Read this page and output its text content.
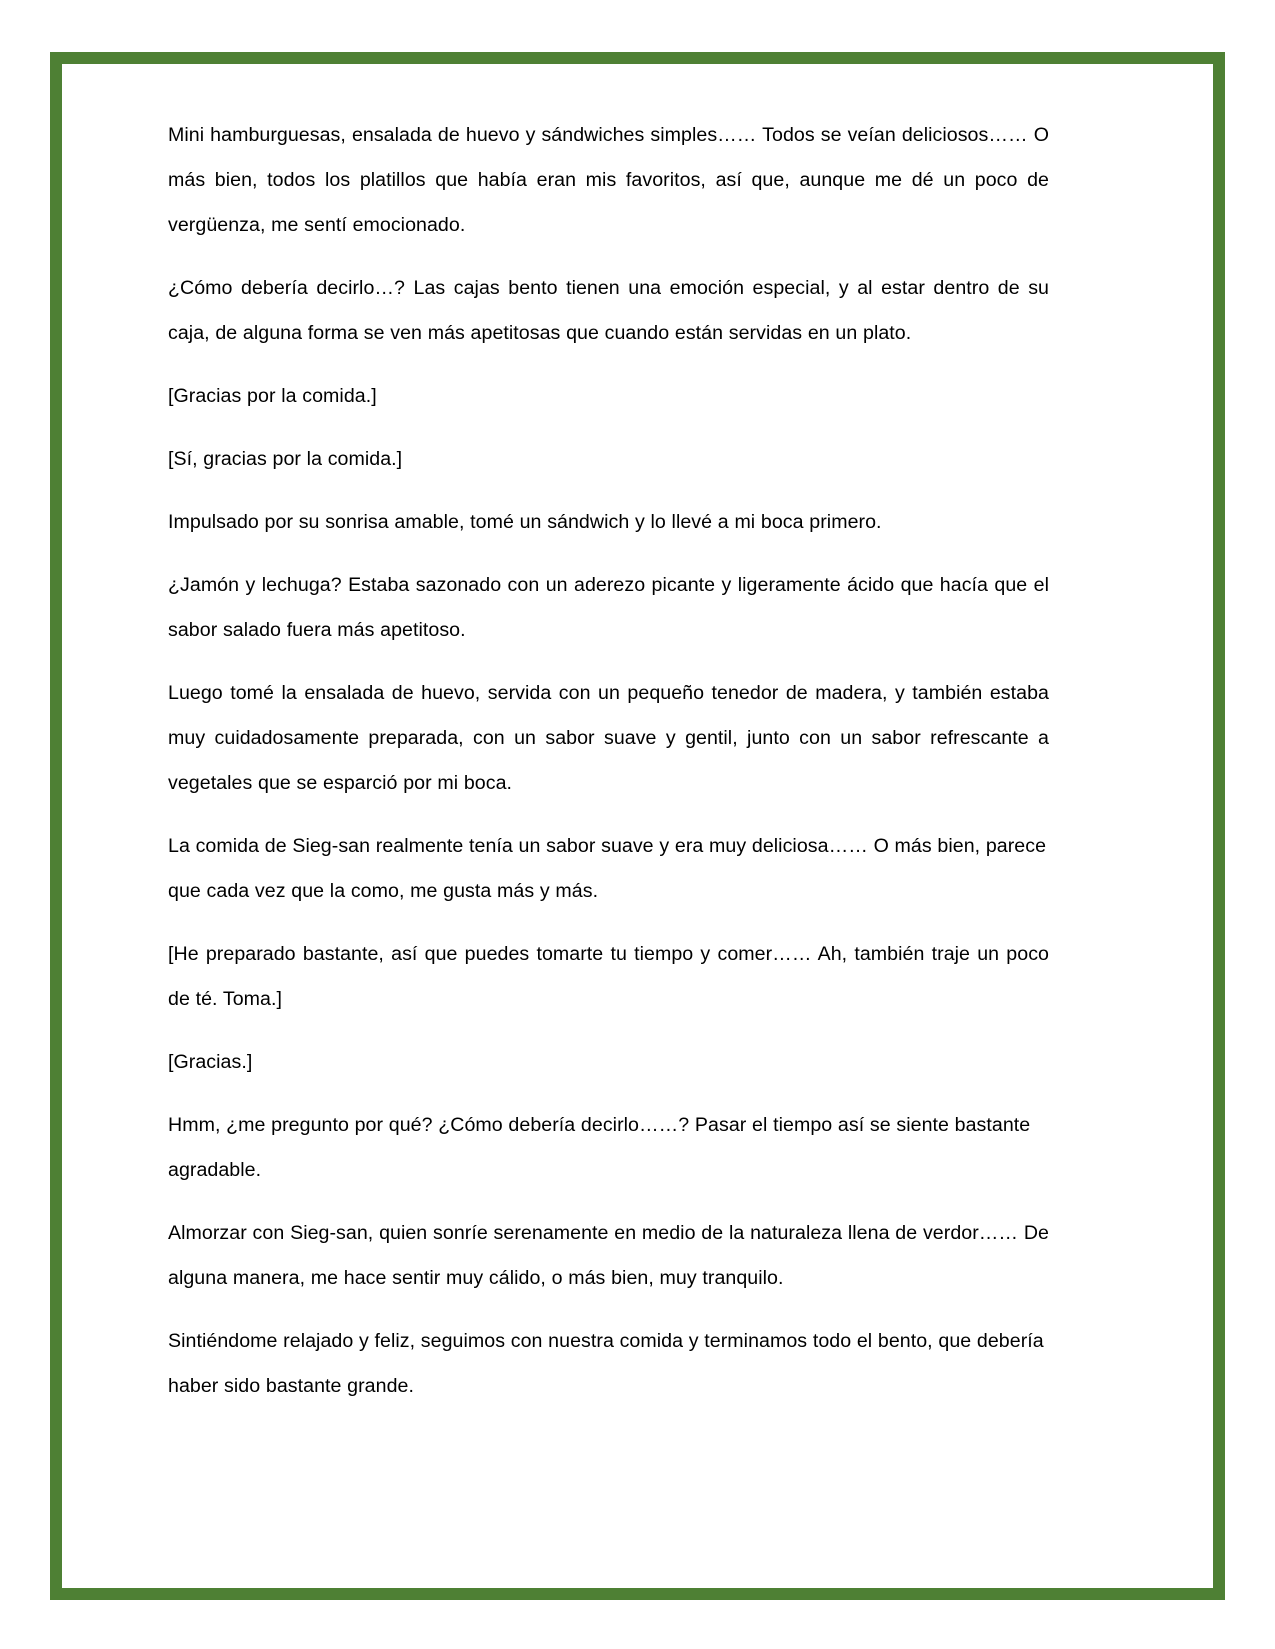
Mini hamburguesas, ensalada de huevo y sándwiches simples…… Todos se veían deliciosos…… O más bien, todos los platillos que había eran mis favoritos, así que, aunque me dé un poco de vergüenza, me sentí emocionado.

¿Cómo debería decirlo…? Las cajas bento tienen una emoción especial, y al estar dentro de su caja, de alguna forma se ven más apetitosas que cuando están servidas en un plato.

[Gracias por la comida.]

[Sí, gracias por la comida.]

Impulsado por su sonrisa amable, tomé un sándwich y lo llevé a mi boca primero.

¿Jamón y lechuga? Estaba sazonado con un aderezo picante y ligeramente ácido que hacía que el sabor salado fuera más apetitoso.

Luego tomé la ensalada de huevo, servida con un pequeño tenedor de madera, y también estaba muy cuidadosamente preparada, con un sabor suave y gentil, junto con un sabor refrescante a vegetales que se esparció por mi boca.

La comida de Sieg-san realmente tenía un sabor suave y era muy deliciosa…… O más bien, parece que cada vez que la como, me gusta más y más.

[He preparado bastante, así que puedes tomarte tu tiempo y comer…… Ah, también traje un poco de té. Toma.]

[Gracias.]

Hmm, ¿me pregunto por qué? ¿Cómo debería decirlo……? Pasar el tiempo así se siente bastante agradable.

Almorzar con Sieg-san, quien sonríe serenamente en medio de la naturaleza llena de verdor…… De alguna manera, me hace sentir muy cálido, o más bien, muy tranquilo.

Sintiéndome relajado y feliz, seguimos con nuestra comida y terminamos todo el bento, que debería haber sido bastante grande.
